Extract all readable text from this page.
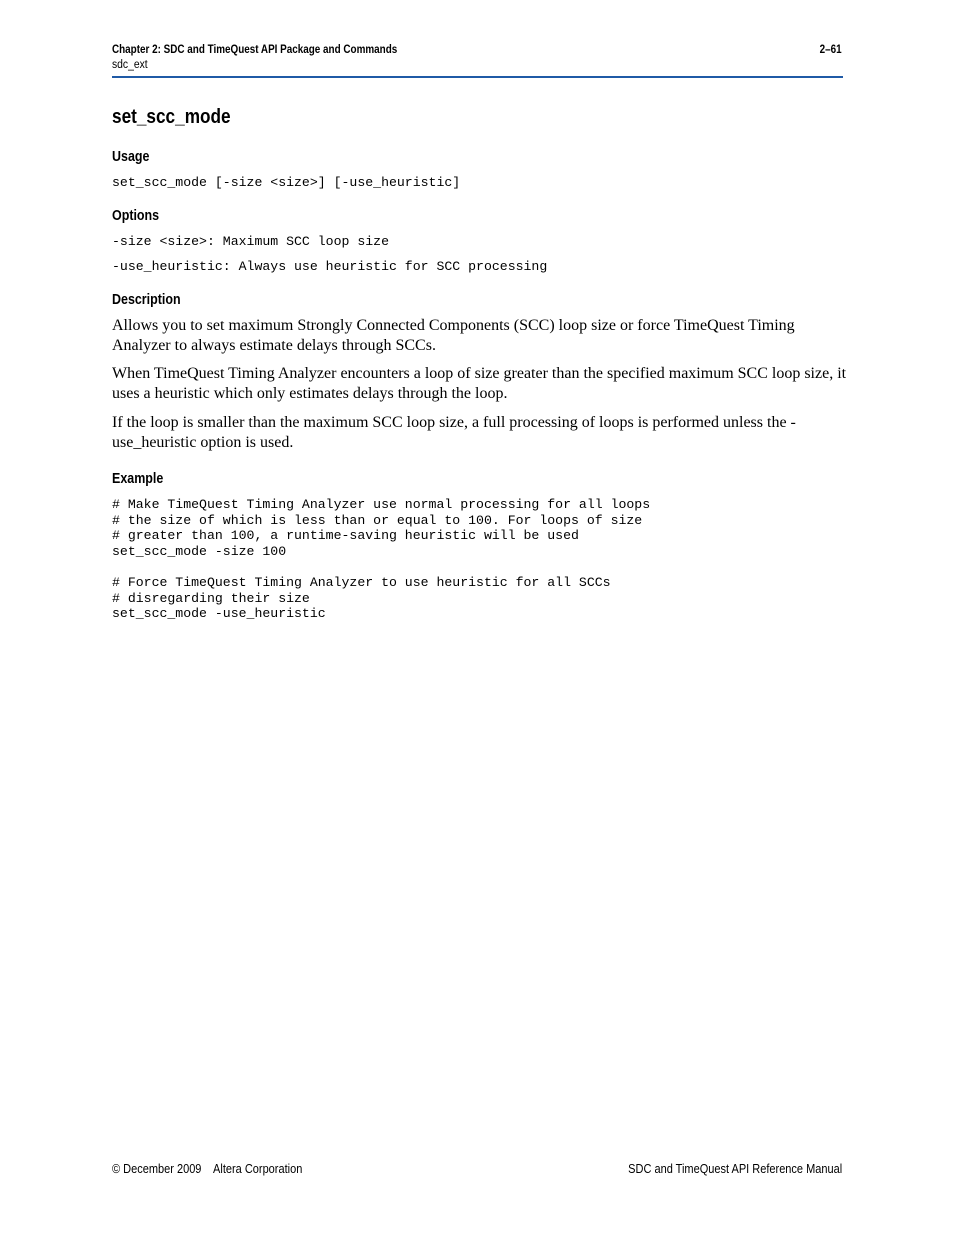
Chapter 2: SDC and TimeQuest API Package and Commands	2–61
sdc_ext
set_scc_mode
Usage
set_scc_mode [-size <size>] [-use_heuristic]
Options
-size <size>: Maximum SCC loop size
-use_heuristic: Always use heuristic for SCC processing
Description
Allows you to set maximum Strongly Connected Components (SCC) loop size or force TimeQuest Timing Analyzer to always estimate delays through SCCs.
When TimeQuest Timing Analyzer encounters a loop of size greater than the specified maximum SCC loop size, it uses a heuristic which only estimates delays through the loop.
If the loop is smaller than the maximum SCC loop size, a full processing of loops is performed unless the -use_heuristic option is used.
Example
# Make TimeQuest Timing Analyzer use normal processing for all loops
# the size of which is less than or equal to 100. For loops of size
# greater than 100, a runtime-saving heuristic will be used
set_scc_mode -size 100

# Force TimeQuest Timing Analyzer to use heuristic for all SCCs
# disregarding their size
set_scc_mode -use_heuristic
© December 2009    Altera Corporation	SDC and TimeQuest API Reference Manual
